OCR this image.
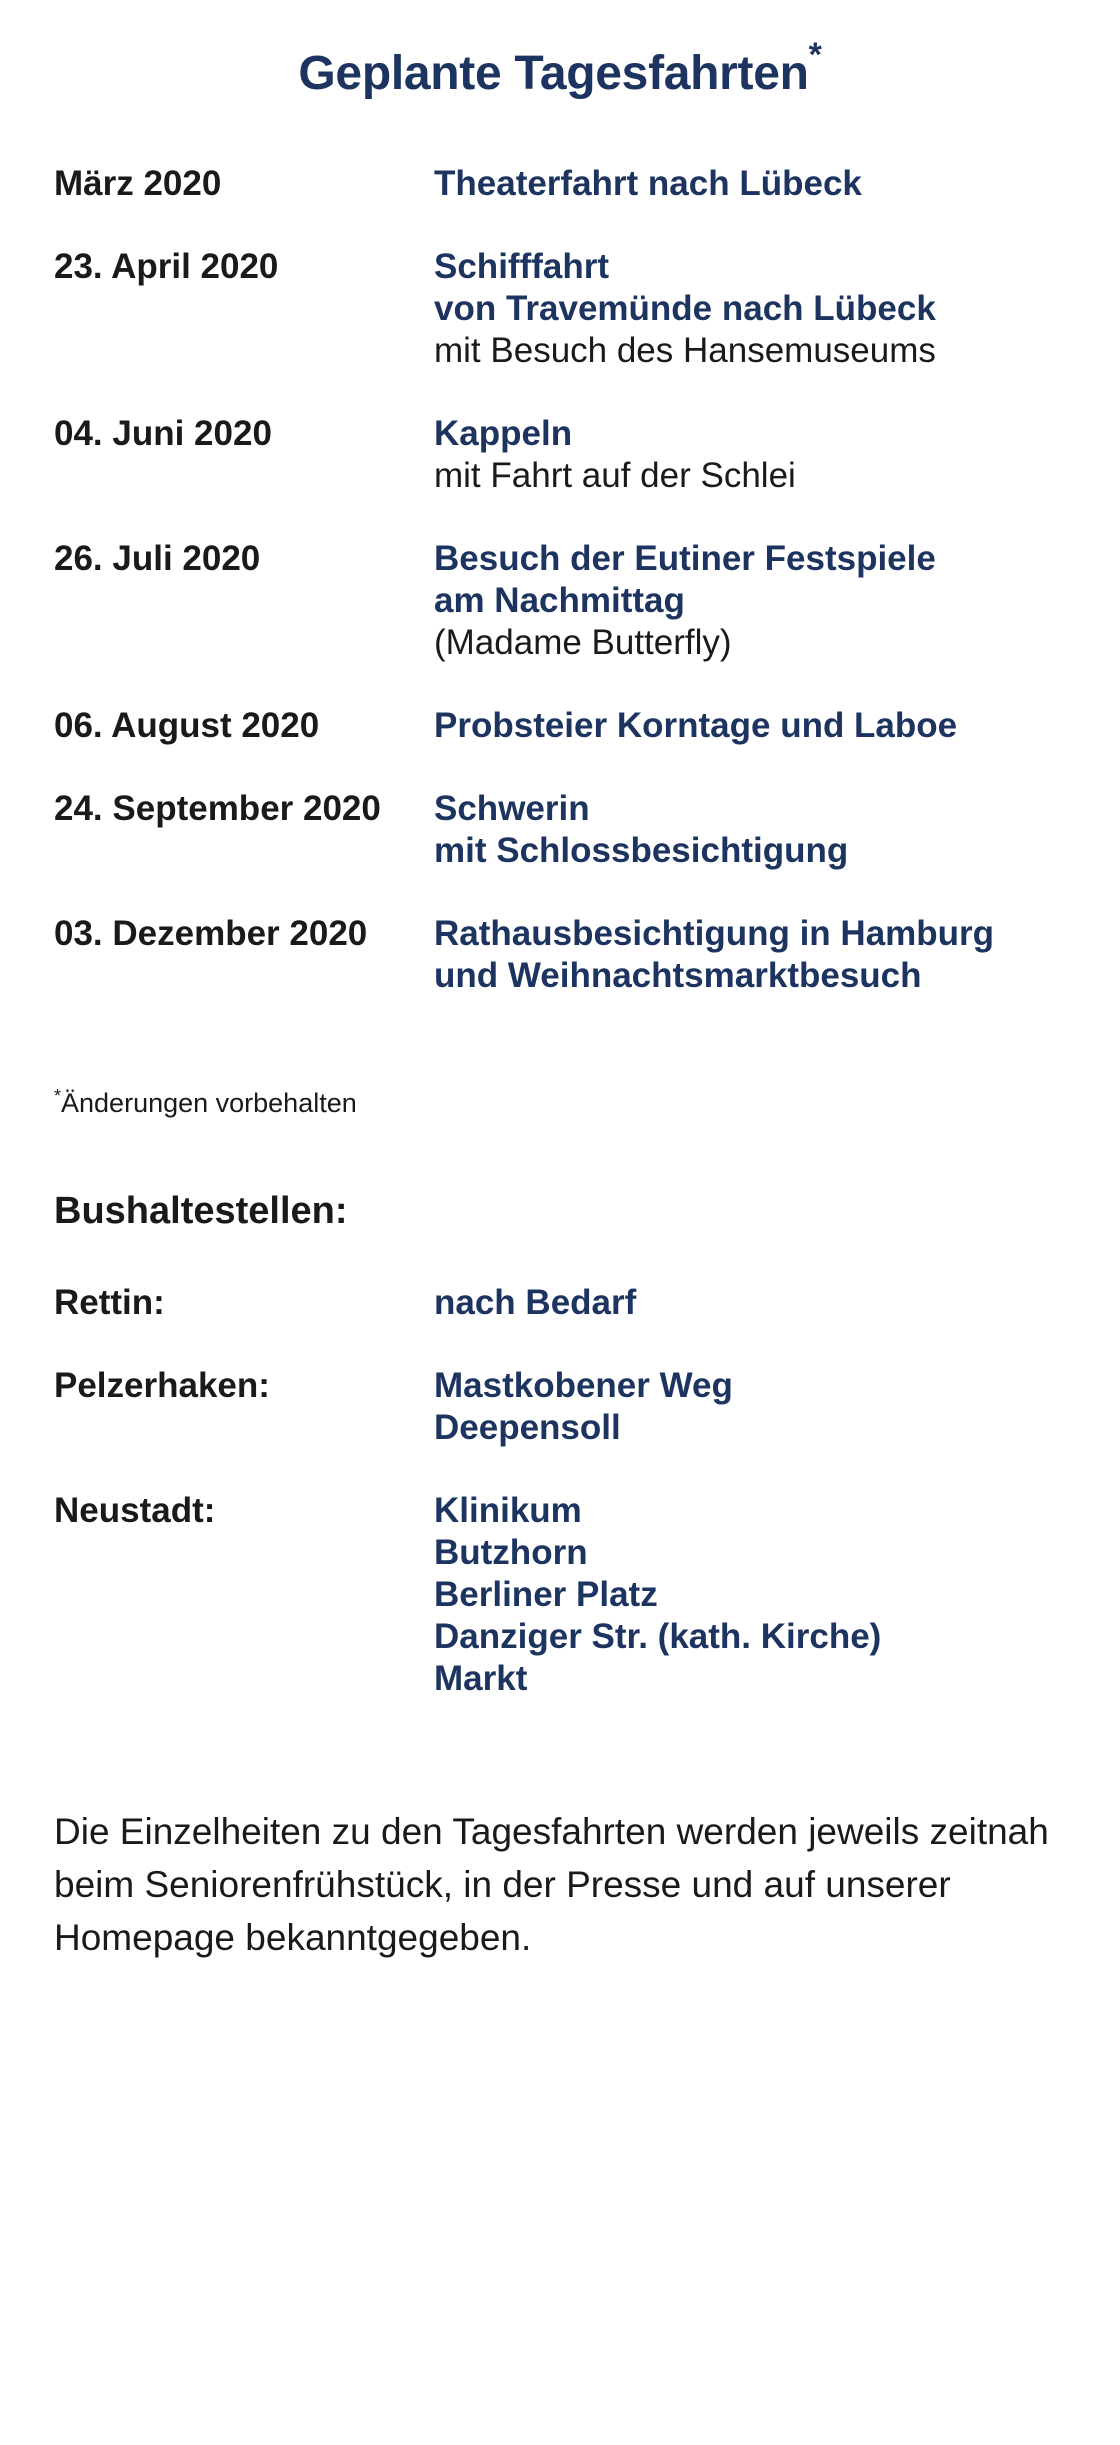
Geplante Tagesfahrten*
März 2020	Theaterfahrt nach Lübeck
23. April 2020	Schifffahrt
von Travemünde nach Lübeck
mit Besuch des Hansemuseums
04. Juni 2020	Kappeln
mit Fahrt auf der Schlei
26. Juli 2020	Besuch der Eutiner Festspiele
am Nachmittag
(Madame Butterfly)
06. August 2020	Probsteier Korntage und Laboe
24. September 2020	Schwerin
mit Schlossbesichtigung
03. Dezember 2020	Rathausbesichtigung in Hamburg
und Weihnachtsmarktbesuch
*Änderungen vorbehalten
Bushaltestellen:
Rettin:	nach Bedarf
Pelzerhaken:	Mastkobener Weg
Deepensoll
Neustadt:	Klinikum
Butzhorn
Berliner Platz
Danziger Str. (kath. Kirche)
Markt
Die Einzelheiten zu den Tagesfahrten werden jeweils zeitnah beim Seniorenfrühstück, in der Presse und auf unserer Homepage bekanntgegeben.
